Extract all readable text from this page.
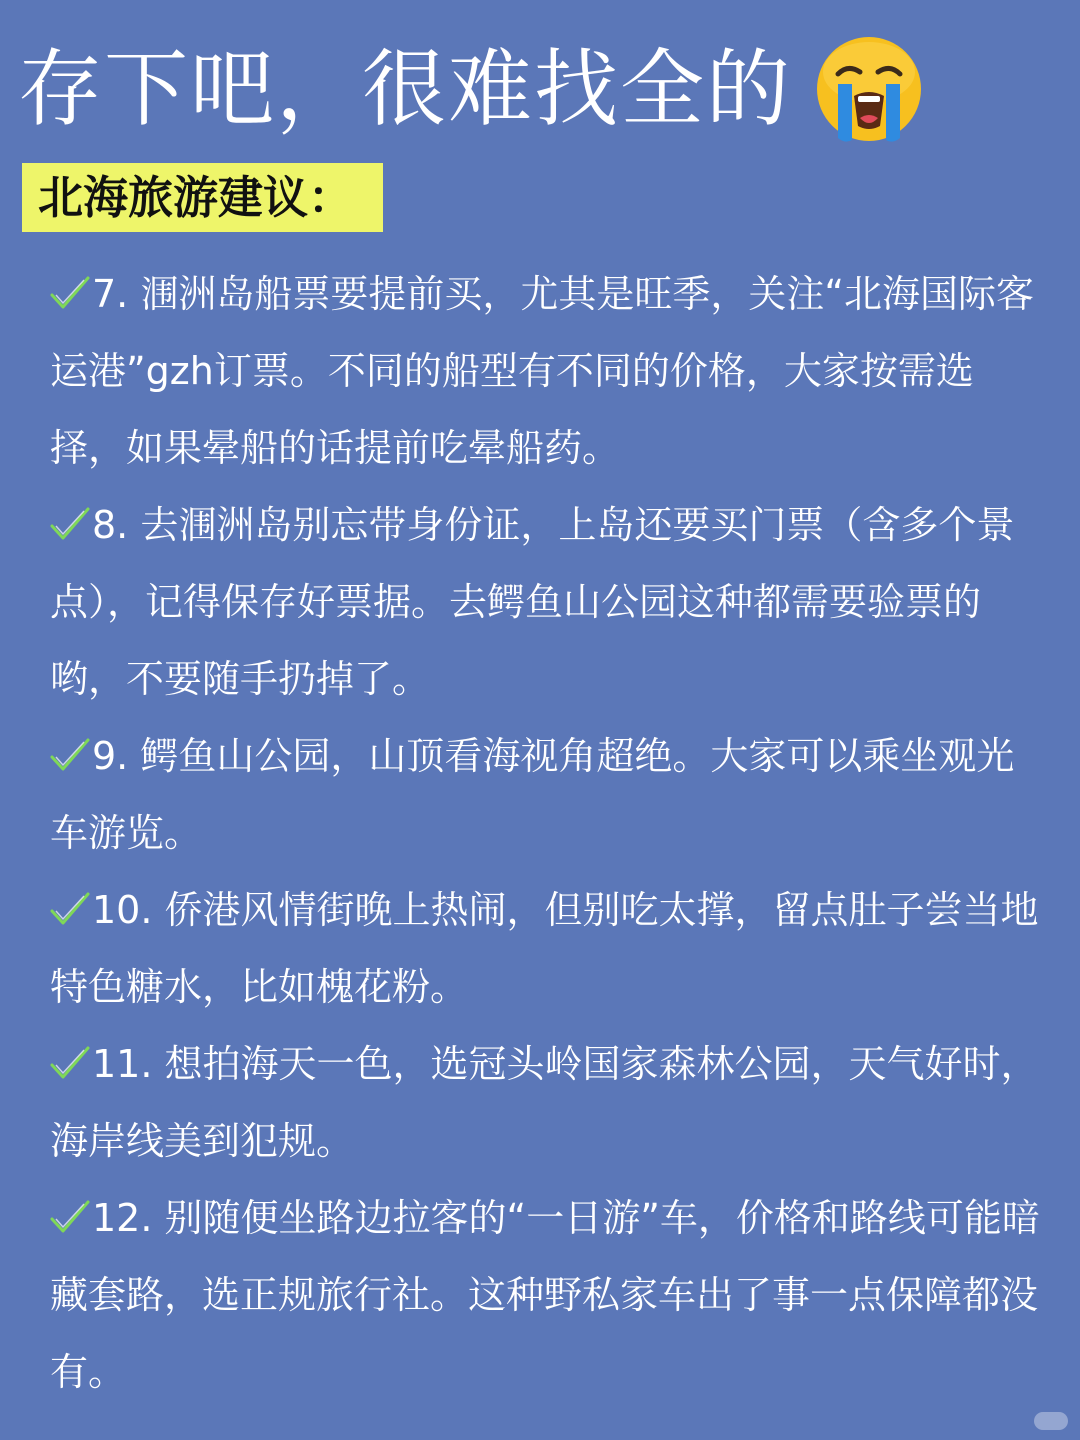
存下吧，很难找全的
北海旅游建议：
7. 涠洲岛船票要提前买，尤其是旺季，关注“北海国际客运港”gzh订票。不同的船型有不同的价格，大家按需选择，如果晕船的话提前吃晕船药。
8. 去涠洲岛别忘带身份证，上岛还要买门票（含多个景点），记得保存好票据。去鳄鱼山公园这种都需要验票的哟，不要随手扔掉了。
9. 鳄鱼山公园，山顶看海视角超绝。大家可以乘坐观光车游览。
10. 侨港风情街晚上热闹，但别吃太撑，留点肚子尝当地特色糖水，比如槐花粉。
11. 想拍海天一色，选冠头岭国家森林公园，天气好时，海岸线美到犯规。
12. 别随便坐路边拉客的“一日游”车，价格和路线可能暗藏套路，选正规旅行社。这种野私家车出了事一点保障都没有。
